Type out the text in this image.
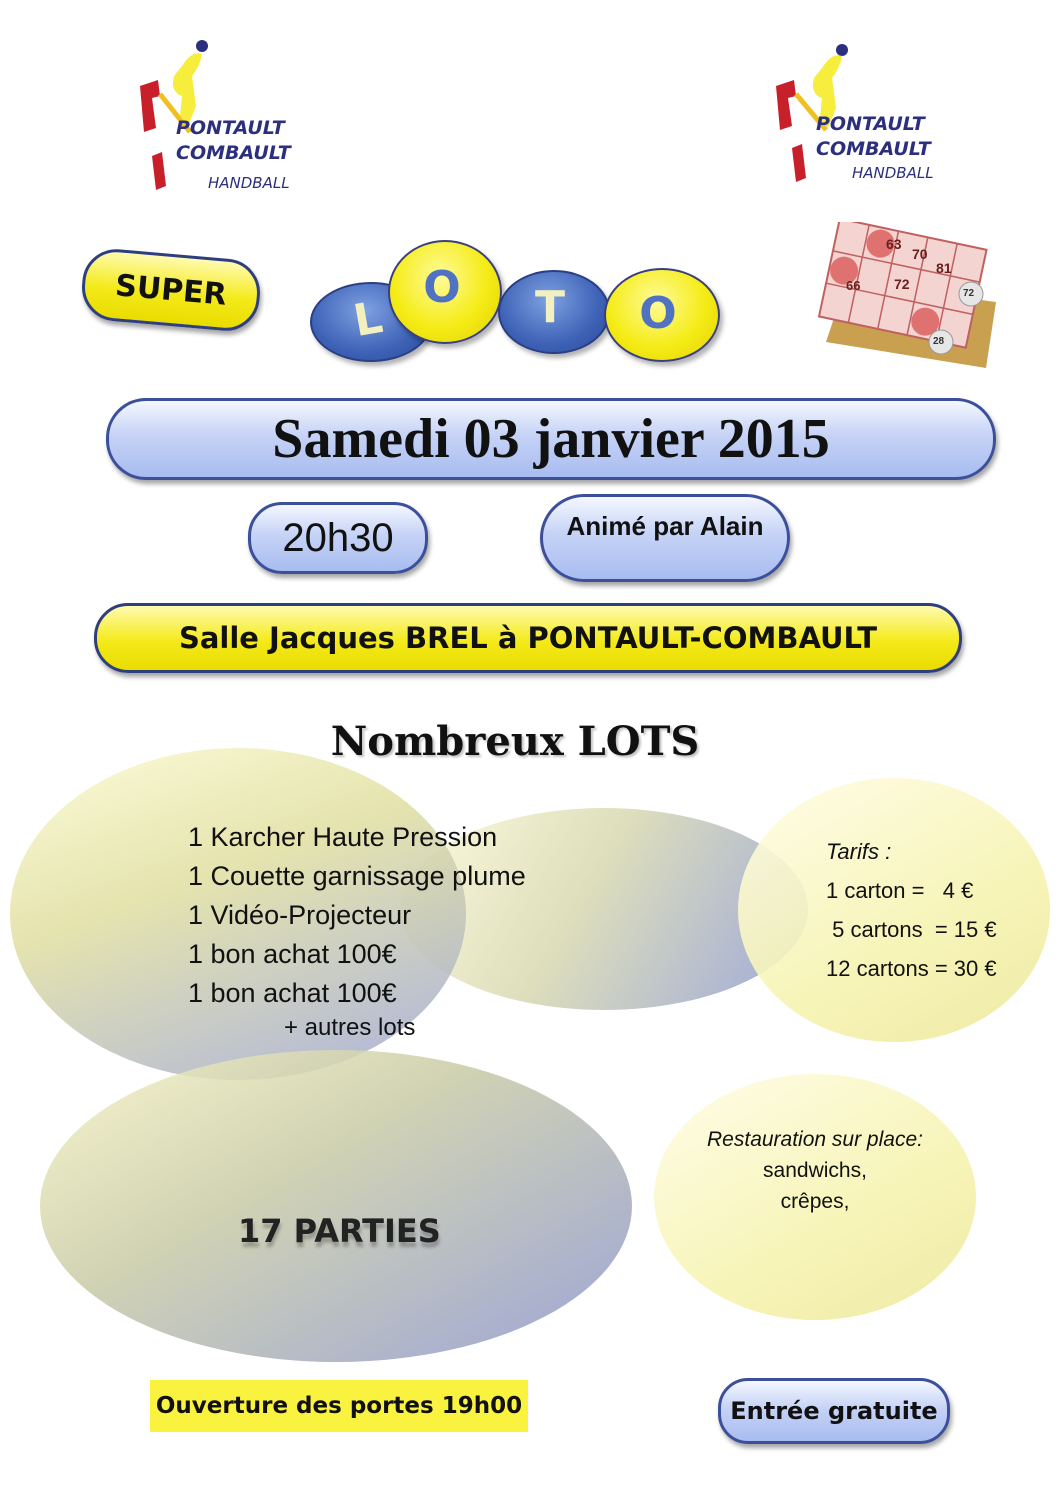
PONTAULT
COMBAULT
HANDBALL
PONTAULT
COMBAULT
HANDBALL
SUPER
L
O	T	O
63
70
81
72
66
72
28
Samedi 03 janvier 2015
20h30	Animé par Alain
Salle Jacques BREL à PONTAULT-COMBAULT
Nombreux LOTS
1 Karcher Haute Pression
1 Couette garnissage plume
1 Vidéo-Projecteur
1 bon achat 100€
1 bon achat 100€
+ autres lots
Tarifs :
1 carton =   4 €
5 cartons  = 15 €
12 cartons = 30 €
17 PARTIES
Restauration sur place:
sandwichs,
crêpes,
Ouverture des portes 19h00	Entrée gratuite
